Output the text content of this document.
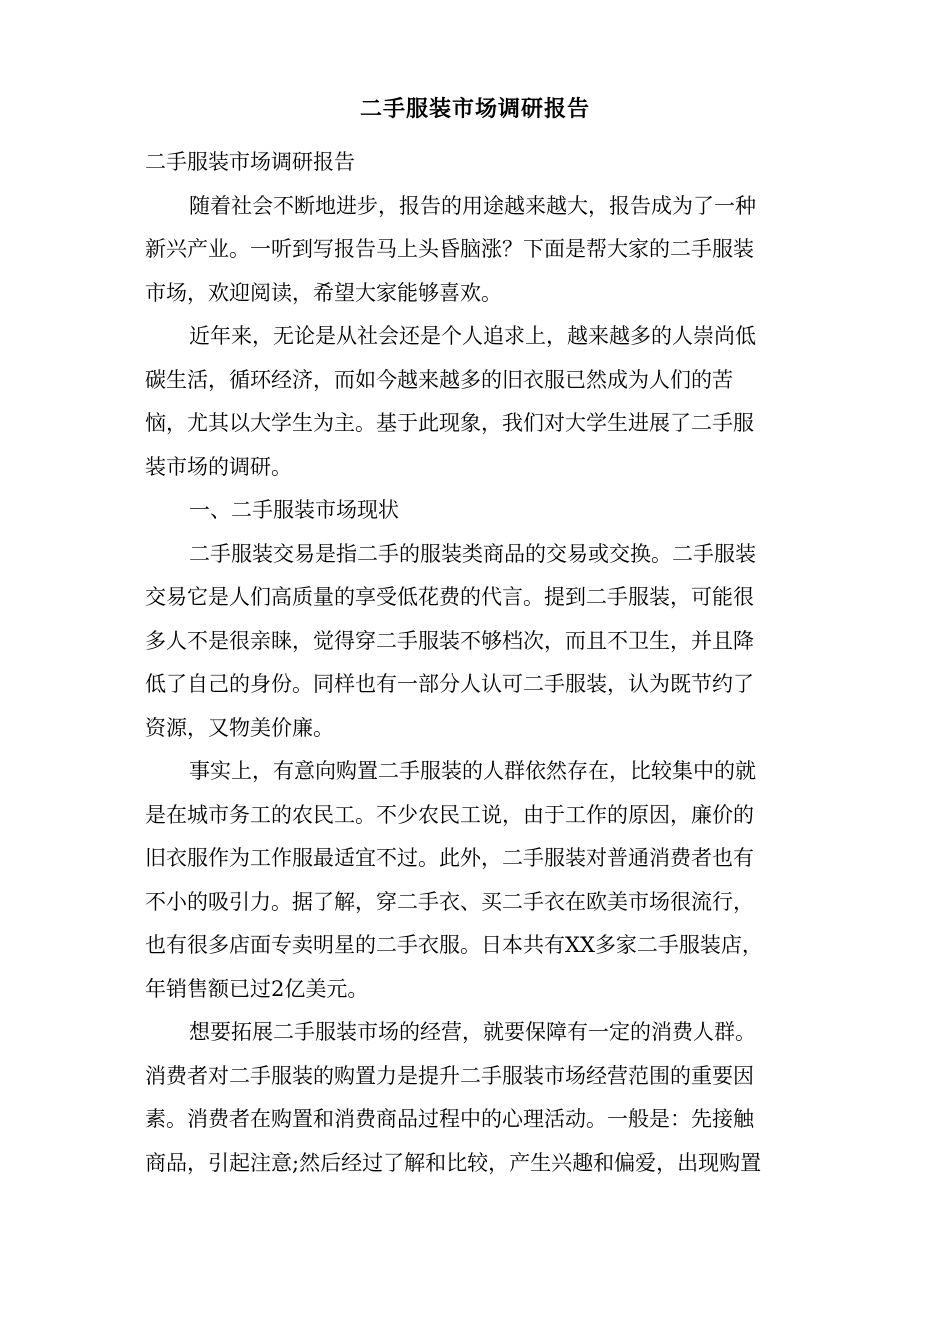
二手服装市场调研报告
二手服装市场调研报告
随着社会不断地进步，报告的用途越来越大，报告成为了一种
新兴产业。一听到写报告马上头昏脑涨？下面是帮大家的二手服装
市场，欢迎阅读，希望大家能够喜欢。
近年来，无论是从社会还是个人追求上，越来越多的人崇尚低
碳生活，循环经济，而如今越来越多的旧衣服已然成为人们的苦
恼，尤其以大学生为主。基于此现象，我们对大学生进展了二手服
装市场的调研。
一、二手服装市场现状
二手服装交易是指二手的服装类商品的交易或交换。二手服装
交易它是人们高质量的享受低花费的代言。提到二手服装，可能很
多人不是很亲睐，觉得穿二手服装不够档次，而且不卫生，并且降
低了自己的身份。同样也有一部分人认可二手服装，认为既节约了
资源，又物美价廉。
事实上，有意向购置二手服装的人群依然存在，比较集中的就
是在城市务工的农民工。不少农民工说，由于工作的原因，廉价的
旧衣服作为工作服最适宜不过。此外，二手服装对普通消费者也有
不小的吸引力。据了解，穿二手衣、买二手衣在欧美市场很流行，
也有很多店面专卖明星的二手衣服。日本共有XX多家二手服装店，
年销售额已过2亿美元。
想要拓展二手服装市场的经营，就要保障有一定的消费人群。
消费者对二手服装的购置力是提升二手服装市场经营范围的重要因
素。消费者在购置和消费商品过程中的心理活动。一般是：先接触
商品，引起注意;然后经过了解和比较，产生兴趣和偏爱，出现购置
